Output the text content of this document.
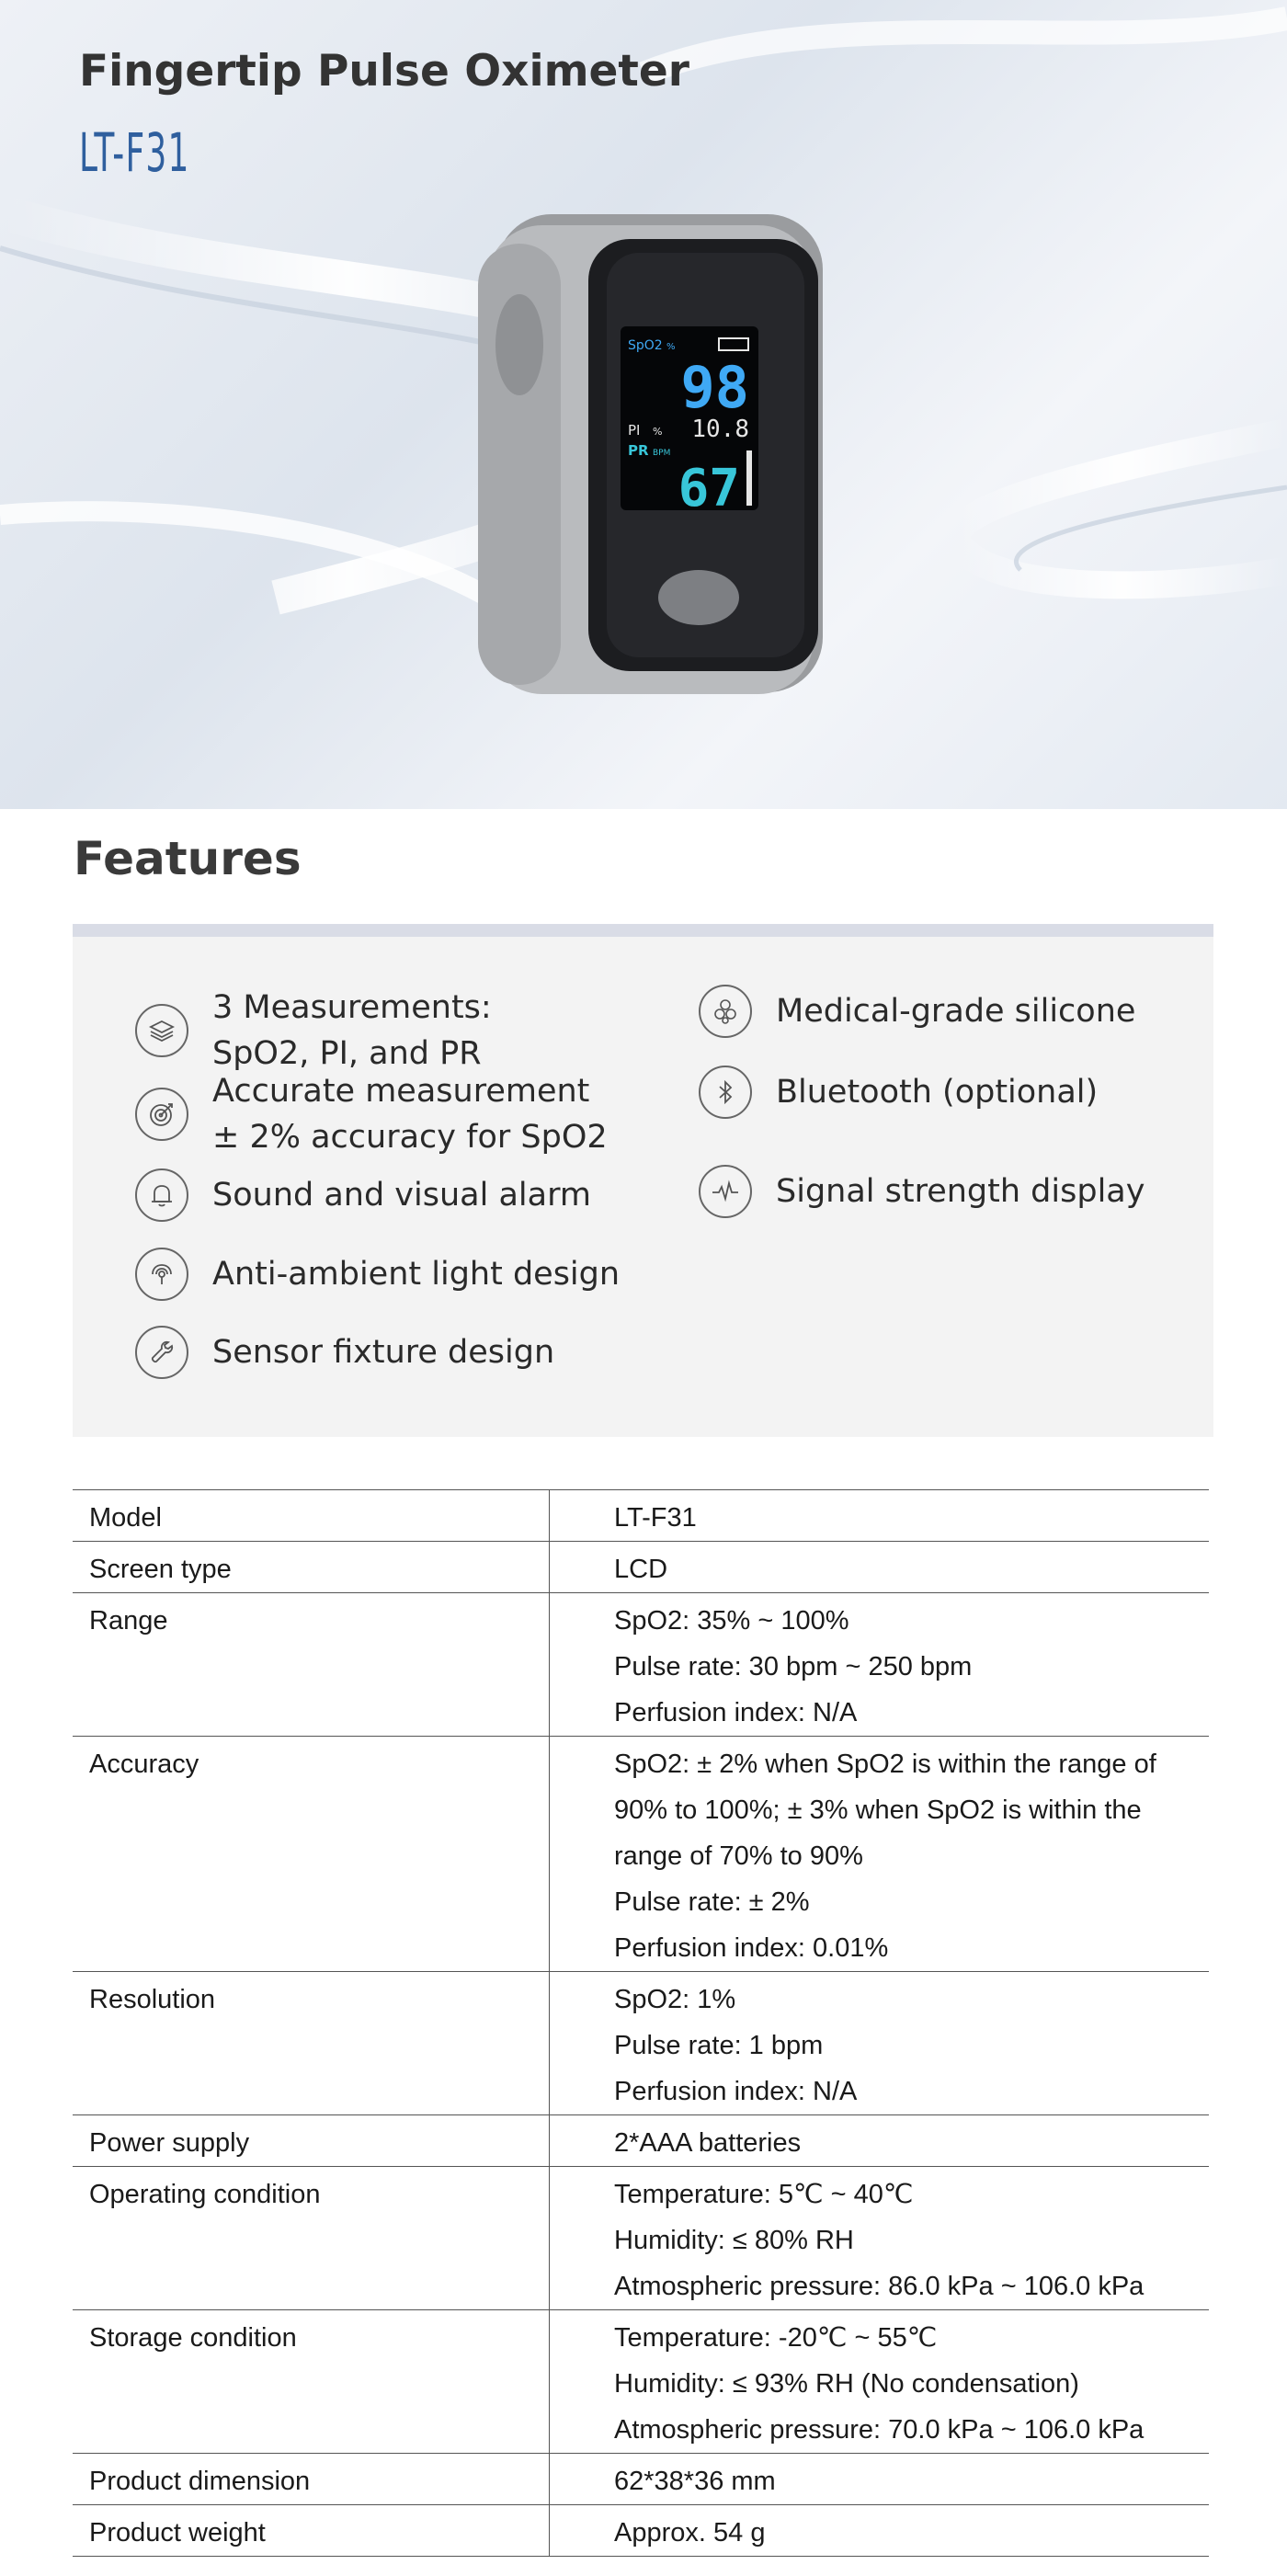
Fingertip Pulse Oximeter
LT-F31
SpO2 %
98
PI % 10.8
PR BPM
67
Features
3 Measurements:
SpO2, PI, and PR
Accurate measurement
± 2% accuracy for SpO2
Sound and visual alarm
Anti-ambient light design
Sensor fixture design
Medical-grade silicone
Bluetooth (optional)
Signal strength display
Model	LT-F31

Screen type	LCD

Range	SpO2: 35% ~ 100%
Pulse rate: 30 bpm ~ 250 bpm
Perfusion index: N/A

Accuracy	SpO2: ± 2% when SpO2 is within the range of
90% to 100%; ± 3% when SpO2 is within the
range of 70% to 90%
Pulse rate: ± 2%
Perfusion index: 0.01%

Resolution	SpO2: 1%
Pulse rate: 1 bpm
Perfusion index: N/A

Power supply	2*AAA batteries

Operating condition	Temperature: 5℃ ~ 40℃
Humidity: ≤ 80% RH
Atmospheric pressure: 86.0 kPa ~ 106.0 kPa

Storage condition	Temperature: -20℃ ~ 55℃
Humidity: ≤ 93% RH (No condensation)
Atmospheric pressure: 70.0 kPa ~ 106.0 kPa

Product dimension	62*38*36 mm

Product weight	Approx. 54 g
